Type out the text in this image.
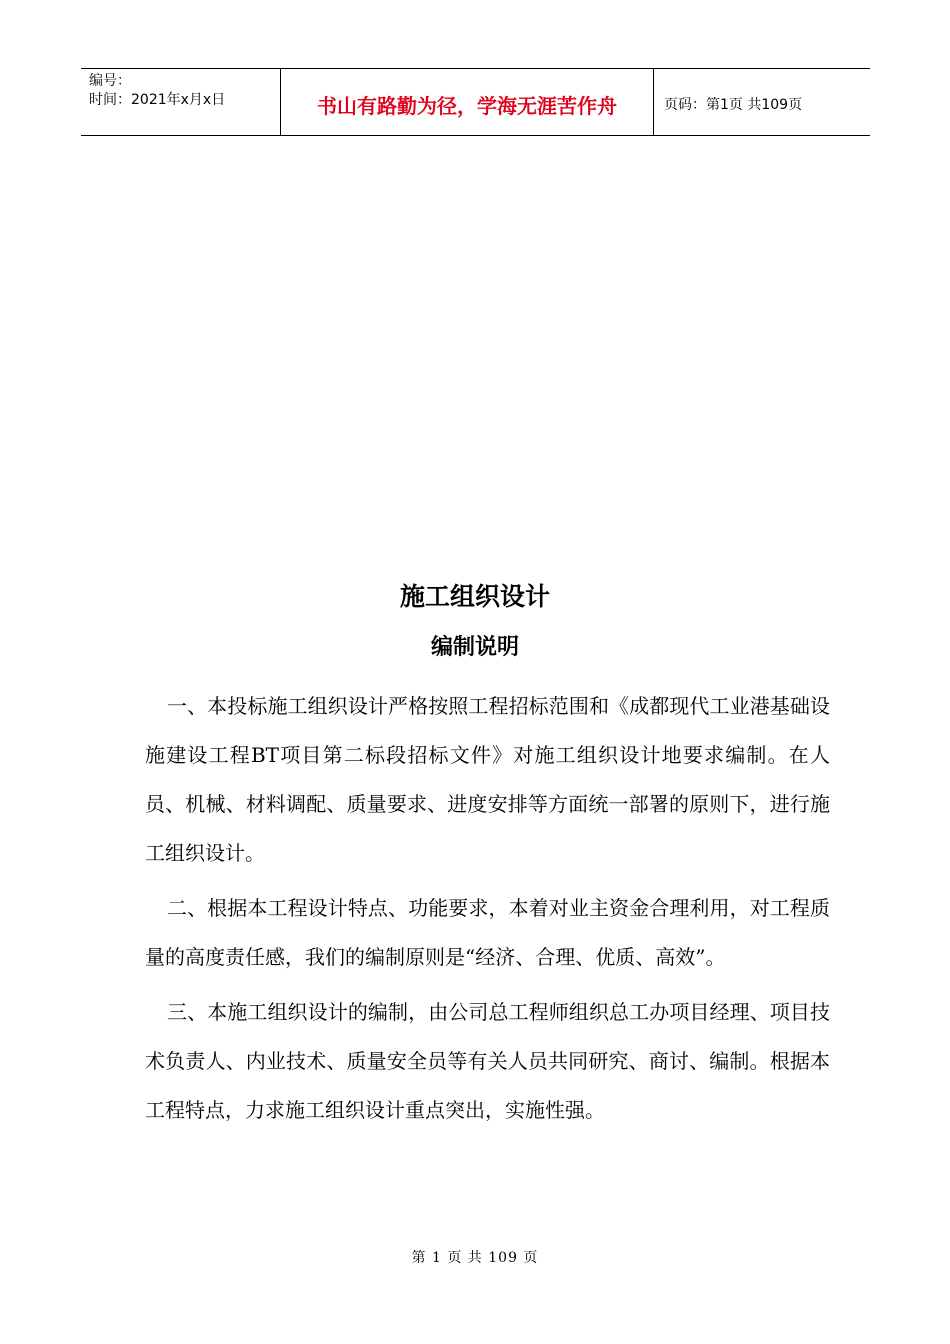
编号：
时间：2021年x月x日	书山有路勤为径，学海无涯苦作舟	页码：第1页 共109页
施工组织设计
编制说明

一、本投标施工组织设计严格按照工程招标范围和《成都现代工业港基础设施建设工程BT项目第二标段招标文件》对施工组织设计地要求编制。在人员、机械、材料调配、质量要求、进度安排等方面统一部署的原则下，进行施工组织设计。

二、根据本工程设计特点、功能要求，本着对业主资金合理利用，对工程质量的高度责任感，我们的编制原则是“经济、合理、优质、高效”。

三、本施工组织设计的编制，由公司总工程师组织总工办项目经理、项目技术负责人、内业技术、质量安全员等有关人员共同研究、商讨、编制。根据本工程特点，力求施工组织设计重点突出，实施性强。

第 1 页 共 109 页
